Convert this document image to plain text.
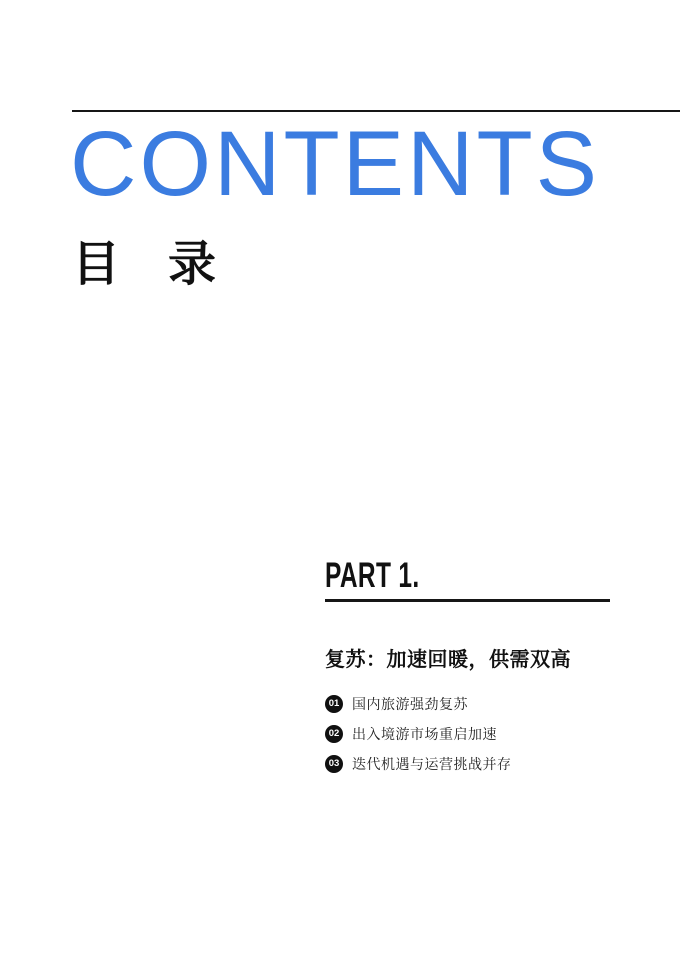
CONTENTS
目　录
PART 1.
复苏：加速回暖，供需双高
01 国内旅游强劲复苏
02 出入境游市场重启加速
03 迭代机遇与运营挑战并存
